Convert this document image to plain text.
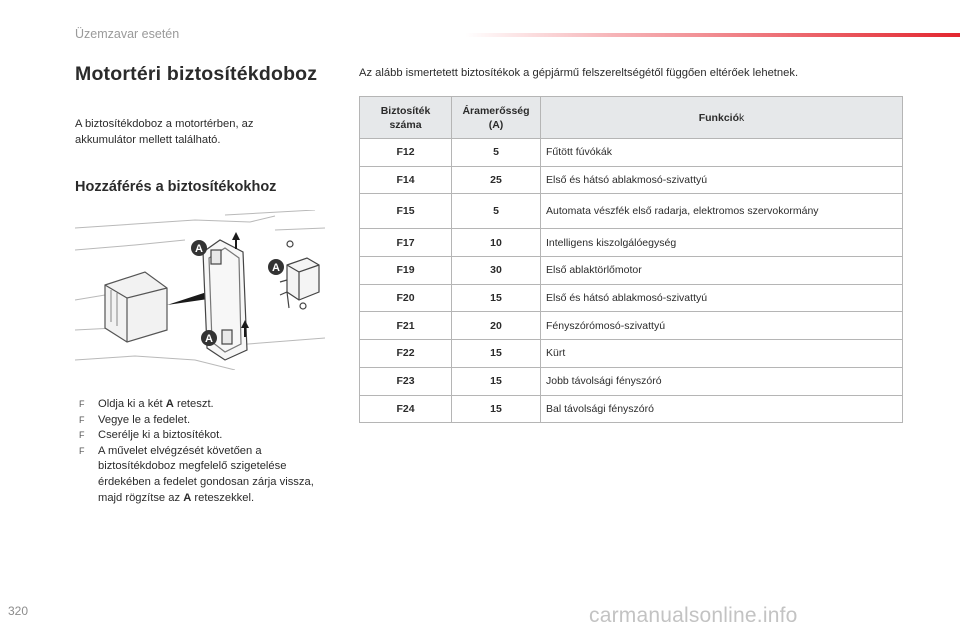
Üzemzavar esetén
Motortéri biztosítékdoboz

A biztosítékdoboz a motortérben, az akkumulátor mellett található.

Hozzáférés a biztosítékokhoz
A
A
A
F Oldja ki a két A reteszt.
F Vegye le a fedelet.
F Cserélje ki a biztosítékot.
F A művelet elvégzését követően a biztosítékdoboz megfelelő szigetelése érdekében a fedelet gondosan zárja vissza, majd rögzítse az A reteszekkel.

Az alább ismertetett biztosítékok a gépjármű felszereltségétől függően eltérőek lehetnek.

Biztosíték száma	Áramerősség (A)	Funkciók
F12	5	Fűtött fúvókák
F14	25	Első és hátsó ablakmosó-szivattyú
F15	5	Automata vészfék első radarja, elektromos szervokormány
F17	10	Intelligens kiszolgálóegység
F19	30	Első ablaktörlőmotor
F20	15	Első és hátsó ablakmosó-szivattyú
F21	20	Fényszórómosó-szivattyú
F22	15	Kürt
F23	15	Jobb távolsági fényszóró
F24	15	Bal távolsági fényszóró
320	carmanualsonline.info
